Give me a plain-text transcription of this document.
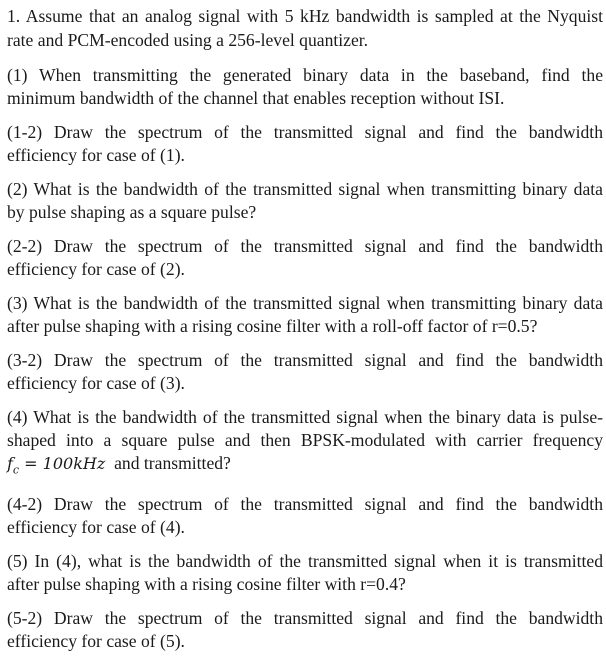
1. Assume that an analog signal with 5 kHz bandwidth is sampled at the Nyquist
rate and PCM-encoded using a 256-level quantizer.
(1) When transmitting the generated binary data in the baseband, find the
minimum bandwidth of the channel that enables reception without ISI.
(1-2) Draw the spectrum of the transmitted signal and find the bandwidth
efficiency for case of (1).
(2) What is the bandwidth of the transmitted signal when transmitting binary data
by pulse shaping as a square pulse?
(2-2) Draw the spectrum of the transmitted signal and find the bandwidth
efficiency for case of (2).
(3) What is the bandwidth of the transmitted signal when transmitting binary data
after pulse shaping with a rising cosine filter with a roll-off factor of r=0.5?
(3-2) Draw the spectrum of the transmitted signal and find the bandwidth
efficiency for case of (3).
(4) What is the bandwidth of the transmitted signal when the binary data is pulse-
shaped into a square pulse and then BPSK-modulated with carrier frequency
$f_c = 100kHz$  and transmitted?
(4-2) Draw the spectrum of the transmitted signal and find the bandwidth
efficiency for case of (4).
(5) In (4), what is the bandwidth of the transmitted signal when it is transmitted
after pulse shaping with a rising cosine filter with r=0.4?
(5-2) Draw the spectrum of the transmitted signal and find the bandwidth
efficiency for case of (5).
